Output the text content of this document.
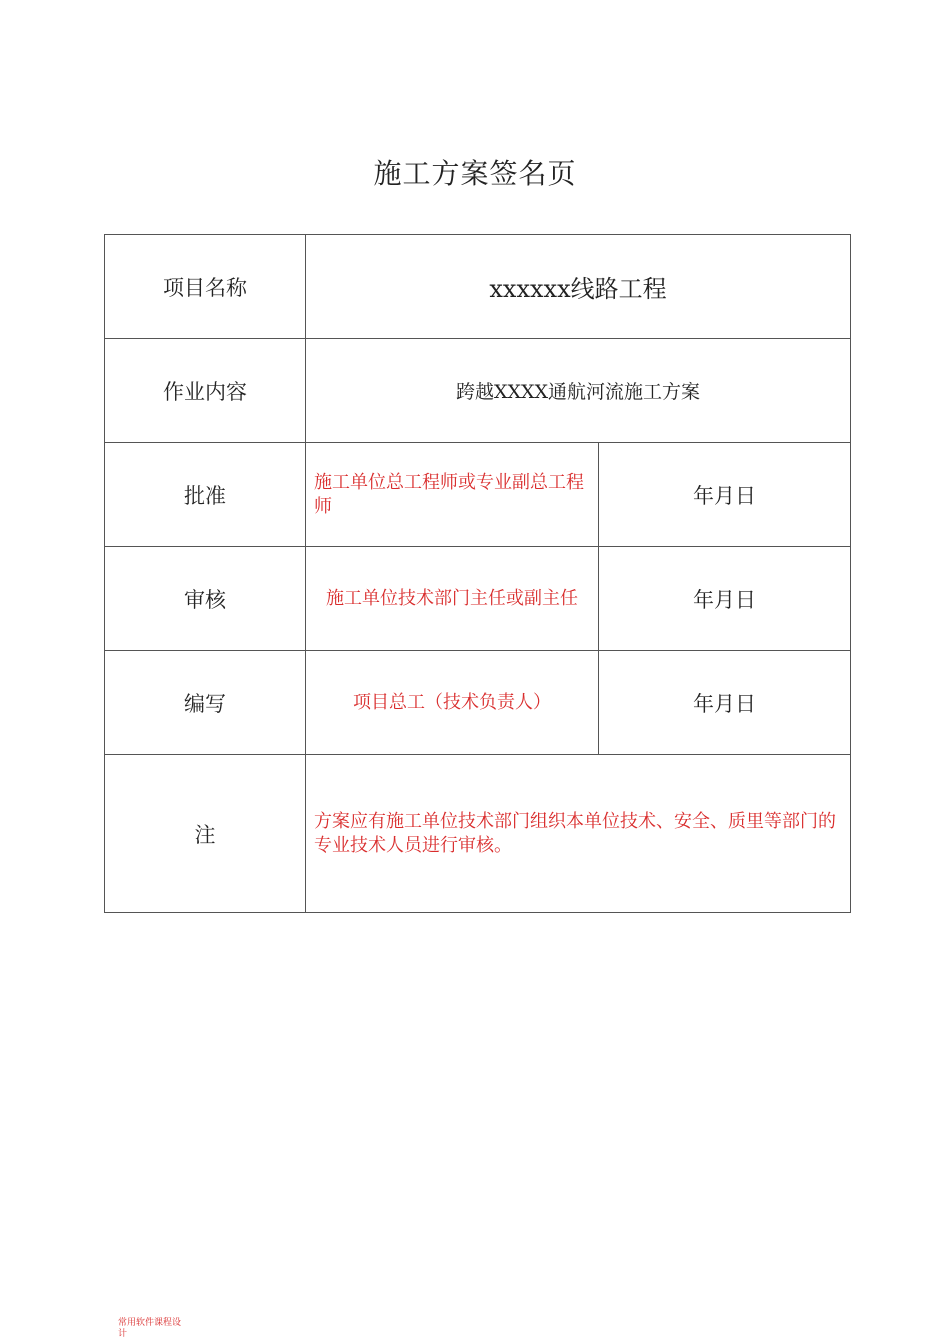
施工方案签名页
项目名称	xxxxxx线路工程	
作业内容	跨越XXXX通航河流施工方案	
批准	施工单位总工程师或专业副总工程师	年月日
审核	施工单位技术部门主任或副主任	年月日
编写	项目总工（技术负责人）	年月日
注	方案应有施工单位技术部门组织本单位技术、安全、质里等部门的专业技术人员进行审核。	
常用软件课程设计
